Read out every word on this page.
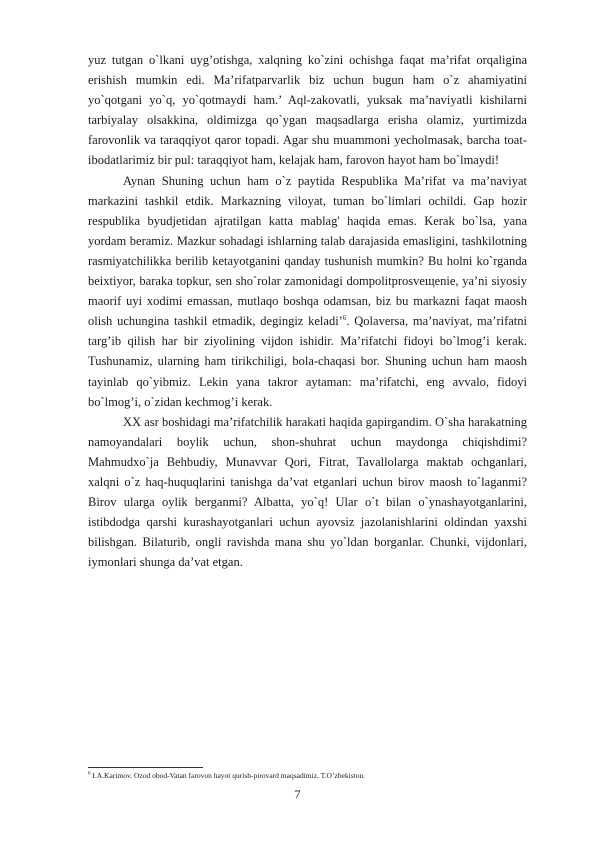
yuz tutgan o`lkani uyg’otishga, xalqning ko`zini ochishga faqat ma’rifat orqaligina erishish mumkin edi. Ma’rifatparvarlik biz uchun bugun ham o`z ahamiyatini yo`qotgani yo`q, yo`qotmaydi ham.’ Aql-zakovatli, yuksak ma’naviyatli kishilarni tarbiyalay olsakkina, oldimizga qo`ygan maqsadlarga erisha olamiz, yurtimizda farovonlik va taraqqiyot qaror topadi. Agar shu muammoni yecholmasak, barcha toat-ibodatlarimiz bir pul: taraqqiyot ham, kelajak ham, farovon hayot ham bo`lmaydi!

Aynan Shuning uchun ham o`z paytida Respublika Ma’rifat va ma’naviyat markazini tashkil etdik. Markazning viloyat, tuman bo`limlari ochildi. Gap hozir respublika byudjetidan ajratilgan katta mablag' haqida emas. Kerak bo`lsa, yana yordam beramiz. Mazkur sohadagi ishlarning talab darajasida emasligini, tashkilotning rasmiyatchilikka berilib ketayotganini qanday tushunish mumkin? Bu holni ko`rganda beixtiyor, baraka topkur, sen sho`rolar zamonidagi dompolitprosveщenie, ya’ni siyosiy maorif uyi xodimi emassan, mutlaqo boshqa odamsan, biz bu markazni faqat maosh olish uchungina tashkil etmadik, degingiz keladi’$^6$. Qolaversa, ma’naviyat, ma’rifatni targ’ib qilish har bir ziyolining vijdon ishidir. Ma’rifatchi fidoyi bo`lmog’i kerak. Tushunamiz, ularning ham tirikchiligi, bola-chaqasi bor. Shuning uchun ham maosh tayinlab qo`yibmiz. Lekin yana takror aytaman: ma’rifatchi, eng avvalo, fidoyi bo`lmog’i, o`zidan kechmog’i kerak.

XX asr boshidagi ma’rifatchilik harakati haqida gapirgandim. O`sha harakatning namoyandalari boylik uchun, shon-shuhrat uchun maydonga chiqishdimi? Mahmudxo`ja Behbudiy, Munavvar Qori, Fitrat, Tavallolarga maktab ochganlari, xalqni o`z haq-huquqlarini tanishga da’vat etganlari uchun birov maosh to`laganmi? Birov ularga oylik berganmi? Albatta, yo`q! Ular o`t bilan o`ynashayotganlarini, istibdodga qarshi kurashayotganlari uchun ayovsiz jazolanishlarini oldindan yaxshi bilishgan. Bilaturib, ongli ravishda mana shu yo`ldan borganlar. Chunki, vijdonlari, iymonlari shunga da’vat etgan.

$^6$ I.A.Karimov. Ozod obod-Vatan farovon hayot qurish-pirovard maqsadimiz. T.O’zbekiston.
7
